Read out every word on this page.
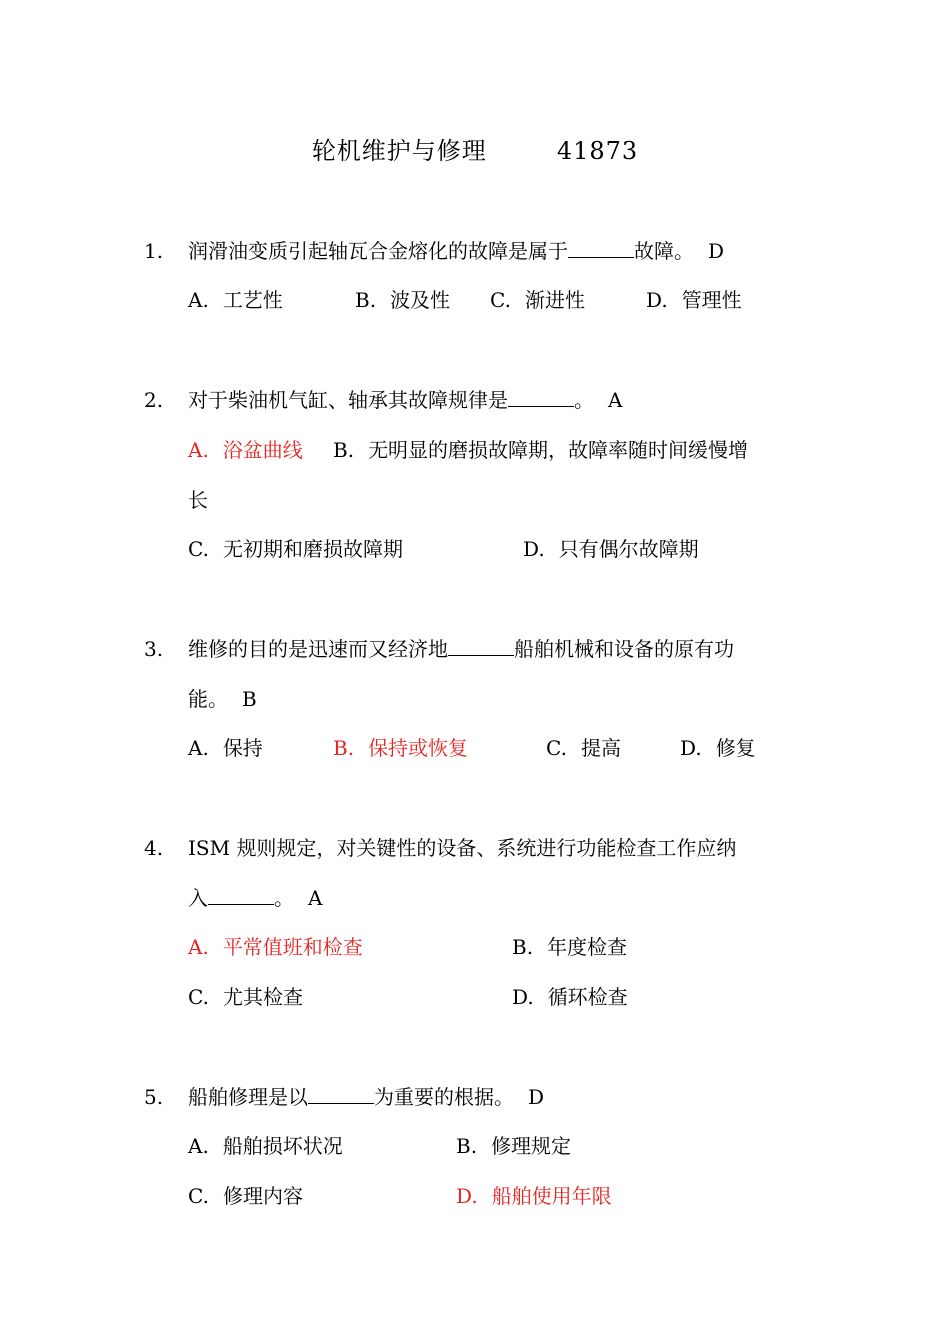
轮机维护与修理	41873
1. 润滑油变质引起轴瓦合金熔化的故障是属于	故障。 D
A. 工艺性	B. 波及性 C. 渐进性	D. 管理性
2. 对于柴油机气缸、轴承其故障规律是	。 A
A. 浴盆曲线 B. 无明显的磨损故障期，故障率随时间缓慢增
长
C. 无初期和磨损故障期	D. 只有偶尔故障期
3. 维修的目的是迅速而又经济地	船舶机械和设备的原有功
能。 B
A. 保持	B. 保持或恢复	C. 提高	D. 修复
4. ISM 规则规定，对关键性的设备、系统进行功能检查工作应纳
入	。 A
A. 平常值班和检查	B. 年度检查
C. 尤其检查	D. 循环检查
5. 船舶修理是以	为重要的根据。 D
A. 船舶损坏状况	B. 修理规定
C. 修理内容	D. 船舶使用年限
